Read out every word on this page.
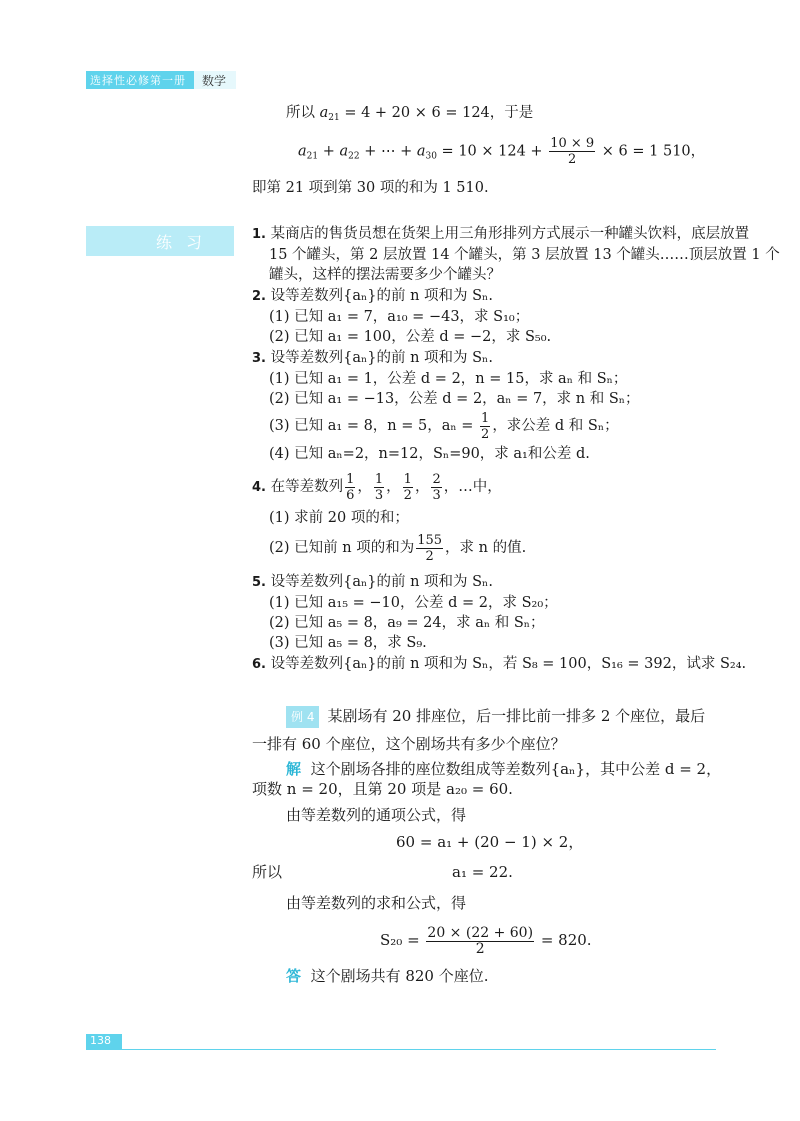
选择性必修第一册 数学
所以 $a_{21} = 4 + 20 \times 6 = 124$，于是
$a_{21} + a_{22}$ + ⋯ + $a_{30} = 10 \times 124 + \frac{10 \times 9}{2} \times 6 = 1$ 510，
即第 21 项到第 30 项的和为 1 510.
练习	1. 某商店的售货员想在货架上用三角形排列方式展示一种罐头饮料，底层放置
15 个罐头，第 2 层放置 14 个罐头，第 3 层放置 13 个罐头……顶层放置 1 个
罐头，这样的摆法需要多少个罐头？
2. 设等差数列{aₙ}的前 n 项和为 Sₙ.
(1) 已知 a₁ = 7，a₁₀ = −43，求 S₁₀；
(2) 已知 a₁ = 100，公差 d = −2，求 S₅₀.
3. 设等差数列{aₙ}的前 n 项和为 Sₙ.
(1) 已知 a₁ = 1，公差 d = 2，n = 15，求 aₙ 和 Sₙ；
(2) 已知 a₁ = −13，公差 d = 2，aₙ = 7，求 n 和 Sₙ；
(3) 已知 a₁ = 8，n = 5，$a_n = \frac{1}{2}$ ，求公差 d 和 Sₙ；
(4) 已知 aₙ=2，n=12，Sₙ=90，求 a₁和公差 d.
4. 在等差数列 $\frac{1}{6}$ ， $\frac{1}{3}$ ， $\frac{1}{2}$ ， $\frac{2}{3}$ ，…中，
(1) 求前 20 项的和；
(2) 已知前 n 项的和为 $\frac{155}{2}$ ，求 n 的值.
5. 设等差数列{aₙ}的前 n 项和为 Sₙ.
(1) 已知 a₁₅ = −10，公差 d = 2，求 S₂₀；
(2) 已知 a₅ = 8，a₉ = 24，求 aₙ 和 Sₙ；
(3) 已知 a₅ = 8，求 S₉.
6. 设等差数列{aₙ}的前 n 项和为 Sₙ，若 S₈ = 100，S₁₆ = 392，试求 S₂₄.
例 4 某剧场有 20 排座位，后一排比前一排多 2 个座位，最后
一排有 60 个座位，这个剧场共有多少个座位？
解 这个剧场各排的座位数组成等差数列{aₙ}，其中公差 d = 2，
项数 n = 20，且第 20 项是 a₂₀ = 60.
由等差数列的通项公式，得
60 = a₁ + (20 − 1) × 2，
所以	a₁ = 22.
由等差数列的求和公式，得
$S_{20} = \frac{20 \times (22 + 60)}{2} = 820$.
答 这个剧场共有 820 个座位.
138
